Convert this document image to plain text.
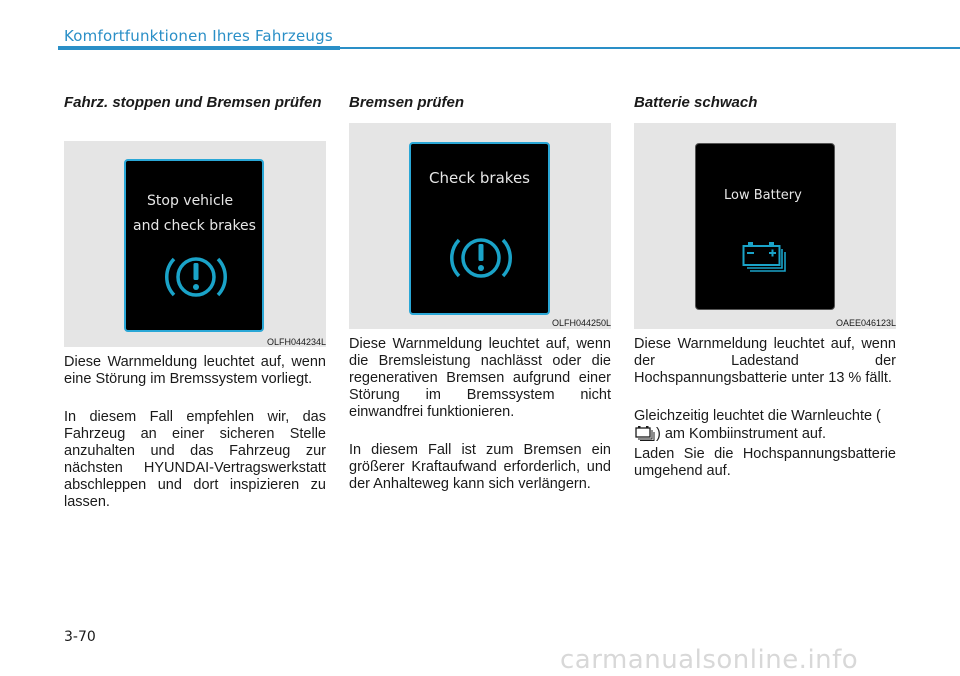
Komfortfunktionen Ihres Fahrzeugs
Fahrz. stoppen und Bremsen prüfen
Stop vehicle
and check brakes
OLFH044234L

Diese Warnmeldung leuchtet auf, wenn eine Störung im Bremssystem vorliegt.

In diesem Fall empfehlen wir, das Fahrzeug an einer sicheren Stelle anzuhalten und das Fahrzeug zur nächsten HYUNDAI-Vertragswerkstatt abschleppen und dort inspizieren zu lassen.

Bremsen prüfen
Check brakes
OLFH044250L

Diese Warnmeldung leuchtet auf, wenn die Bremsleistung nachlässt oder die regenerativen Bremsen aufgrund einer Störung im Bremssystem nicht einwandfrei funktionieren.

In diesem Fall ist zum Bremsen ein größerer Kraftaufwand erforderlich, und der Anhalteweg kann sich verlängern.

Batterie schwach
Low Battery
OAEE046123L

Diese Warnmeldung leuchtet auf, wenn der Ladestand der Hochspannungsbatterie unter 13 % fällt.

Gleichzeitig leuchtet die Warnleuchte () am Kombiinstrument auf.

Laden Sie die Hochspannungsbatterie umgehend auf.

3-70
carmanualsonline.info
